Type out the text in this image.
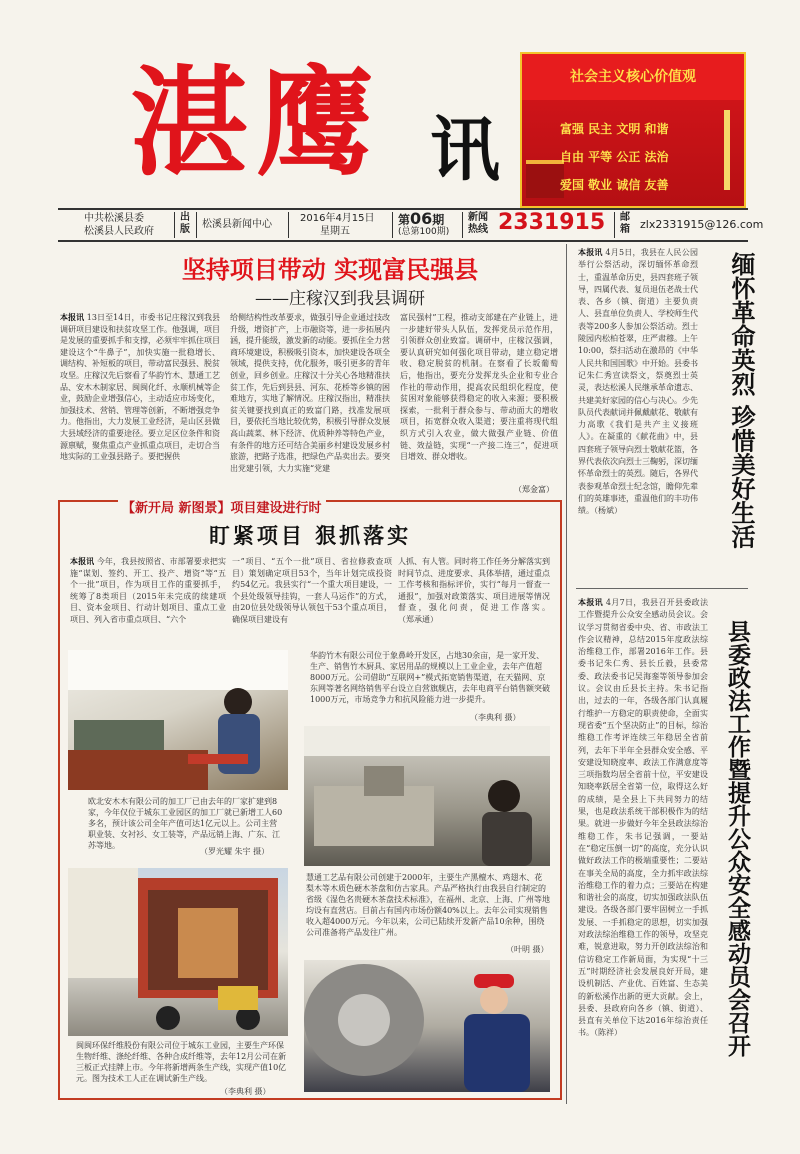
湛鹰 讯
社会主义核心价值观
富强 民主 文明 和谐
自由 平等 公正 法治
爱国 敬业 诚信 友善
中共松溪县委
松溪县人民政府
出版 松溪县新闻中心
2016年4月15日
星期五
第06期
(总第100期)
新闻热线 2331915 邮箱 zlx2331915@126.com
坚持项目带动 实现富民强县
——庄稼汉到我县调研
本报讯 13日至14日，市委书记庄稼汉到我县调研项目建设和扶贫攻坚工作。他强调，项目是发展的重要抓手和支撑，必须牢牢抓住项目建设这个“牛鼻子”，加快实施一批稳增长、调结构、补短板的项目，带动富民强县、脱贫攻坚。庄稼汉先后察看了华韵竹木、慧通工艺品、安木木制家居、闽闽化纤、永顺机械等企业，鼓励企业增强信心，主动适应市场变化，加强技术、营销、管理等创新，不断增强竞争力。他指出，大力发展工业经济，是山区县做大县域经济的重要途径。要立足区位条件和资源禀赋，聚焦重点产业抓重点项目，走切合当地实际的工业强县路子。要把握供
给侧结构性改革要求，做强引导企业通过技改升级，增资扩产，上市融资等，进一步拓展内涵，提升能级，激发新的动能。要抓住全力营商环境建设，积极吸引资本，加快建设各项全领域，提供支持，优化服务，吸引更多的青年创业，回乡创业。庄稼汉十分关心各地精准扶贫工作，先后到县县、河东、花桥等乡镇的困难地方，实地了解情况。庄稼汉指出，精准扶贫关键要找到真正的致富门路，找准发展项目，要依托当地比较优势，积极引导群众发展高山蔬菜、林下经济、优质种养等特色产业，有条件的地方还可结合美丽乡村建设发展乡村旅游，把路子选准，把绿色产品卖出去。要突出党建引领，大力实施“党建
富民强村”工程，推动支部建在产业链上，进一步建好带头人队伍，发挥党员示范作用，引领群众创业致富。调研中，庄稼汉强调，要认真研究如何强化项目带动，建立稳定增收、稳定脱贫的机制。在察看了长坂葡萄后，他指出，要充分发挥龙头企业和专业合作社的带动作用，提高农民组织化程度，使贫困对象能够获得稳定的收入来源；要积极探索，一批利于群众参与、带动面大的增收项目，拓宽群众收入渠道；要注重将现代组织方式引入农业，做大做强产业链、价值链、效益链，实现“一产接二连三”，促进项目增效、群众增收。
（郑金富）
【新开局 新图景】项目建设进行时
盯紧项目 狠抓落实
本报讯 今年，我县按照省、市部署要求把实施“谋划、签约、开工、投产、增资”等“五个一批”项目，作为项目工作的重要抓手，统筹了8类项目（2015年未完成的续建项目、资本金项目、行动计划项目、重点工业项目、列入省市重点项目、“六个
一”项目、“五个一批”项目、省拉修救查项目）策划确定项目53个，当年计划完成投资约54亿元。我县实行“一个重大项目建设，一个县处级领导挂钩，一套人马运作”的方式，由20位县处级领导认领包干53个重点项目，确保项目建设有
人抓、有人管。同时将工作任务分解落实到时间节点、进度要求、具体举措，通过重点工作考核和指标评价，实行“每月一督查一通报”，加强对政策落实、项目进展等情况督查，强化问责，促进工作落实。（郑承通）
欧北安木木有限公司的加工厂已由去年的厂家扩建到8家，今年仅位于城东工业园区的加工厂就已新增工人60多名，预计该公司全年产值可达1亿元以上。公司主营职业装、女衬衫、女工装等，产品远销上海、广东、江苏等地。
（罗光耀 朱宇 摄）
华韵竹木有限公司位于象鼻岭开发区，占地30余亩，是一家开发、生产、销售竹木厨具、家居用品的规模以上工业企业，去年产值超8000万元。公司借助“互联网+”模式拓宽销售渠道，在天猫网、京东网等著名网络销售平台设立自营旗舰店，去年电商平台销售额突破1000万元，市场竞争力和抗风险能力进一步提升。
（李典利 摄）
慧通工艺品有限公司创建于2000年，主要生产黑檀木、鸡翅木、花梨木等木质色硬木茶盘和仿古家具。产品严格执行由我县自行制定的省级《湿色名贵硬木茶盘技术标准》，在福州、北京、上海、广州等地均设有直营店。目前占有国内市场份额40%以上。去年公司实现销售收入超4000万元。今年以来，公司已陆续开发新产品10余种，围绕公司准备将产品发往广州。
（叶明 摄）
闽闽环保纤维股份有限公司位于城东工业园，主要生产环保生物纤维、涤纶纤维、各种合成纤维等，去年12月公司在新三板正式挂牌上市。今年将新增两条生产线，实现产值10亿元。图为技术工人正在调试新生产线。
（李典利 摄）
本报讯 4月5日，我县在人民公园举行公祭活动，深切缅怀革命烈士，重温革命历史，县四套班子领导，四属代表、复员退伍老战士代表、各乡（镇、街道）主要负责人、县直单位负责人、学校师生代表等200多人参加公祭活动。烈士陵园内松柏苍翠，庄严肃穆。上午10:00，祭扫活动在激昂的《中华人民共和国国歌》中开始。县委书记朱仁秀宣读祭文，祭奠烈士英灵，表达松溪人民继承革命遗志、共建美好家园的信心与决心。少先队员代表献词并佩戴献花、敬献有力高歌《我们是共产主义接班人》。在凝重的《献花曲》中，县四套班子领导向烈士敬献花篮，各界代表依次向烈士三鞠躬，深切缅怀革命烈士的英烈。随后，各界代表参观革命烈士纪念馆，瞻仰先辈们的英雄事迹，重温他们的丰功伟绩。（杨斌）	缅怀革命英烈 珍惜美好生活
本报讯 4月7日，我县召开县委政法工作暨提升公众安全感动员会议。会议学习贯彻省委中央、省、市政法工作会议精神，总结2015年度政法综治维稳工作，部署2016年工作。县委书记朱仁秀、县长丘毅，县委常委、政法委书记吴海銮等领导参加会议。会议由丘县长主持。朱书记指出，过去的一年，各级各部门认真履行维护一方稳定的职责使命，全面实现省委“五个坚决防止”的目标，综治维稳工作考评连续三年稳居全省前列，去年下半年全县群众安全感、平安建设知晓度率、政法工作满意度等三项指数均居全省前十位，平安建设知晓率跃居全省第一位，取得这么好的成绩，是全县上下共同努力的结果，也是政法系统干部积极作为的结果。就进一步做好今年全县政法综治维稳工作，朱书记强调，一要站在“稳定压倒一切”的高度，充分认识做好政法工作的极端重要性；二要站在事关全局的高度，全力抓牢政法综治维稳工作的着力点；三要站在构建和谐社会的高度，切实加强政法队伍建设。各级各部门要牢固树立一手抓发展、一手抓稳定的思想，切实加强对政法综治维稳工作的领导，攻坚克难，锐意进取，努力开创政法综治和信访稳定工作新局面，为实现“十三五”时期经济社会发展良好开局，建设机制活、产业优、百姓富、生态美的新松溪作出新的更大贡献。会上，县委、县政府向各乡（镇、街道）、县直有关单位下达2016年综治责任书。（陈祥）	县委政法工作暨提升公众安全感动员会召开
